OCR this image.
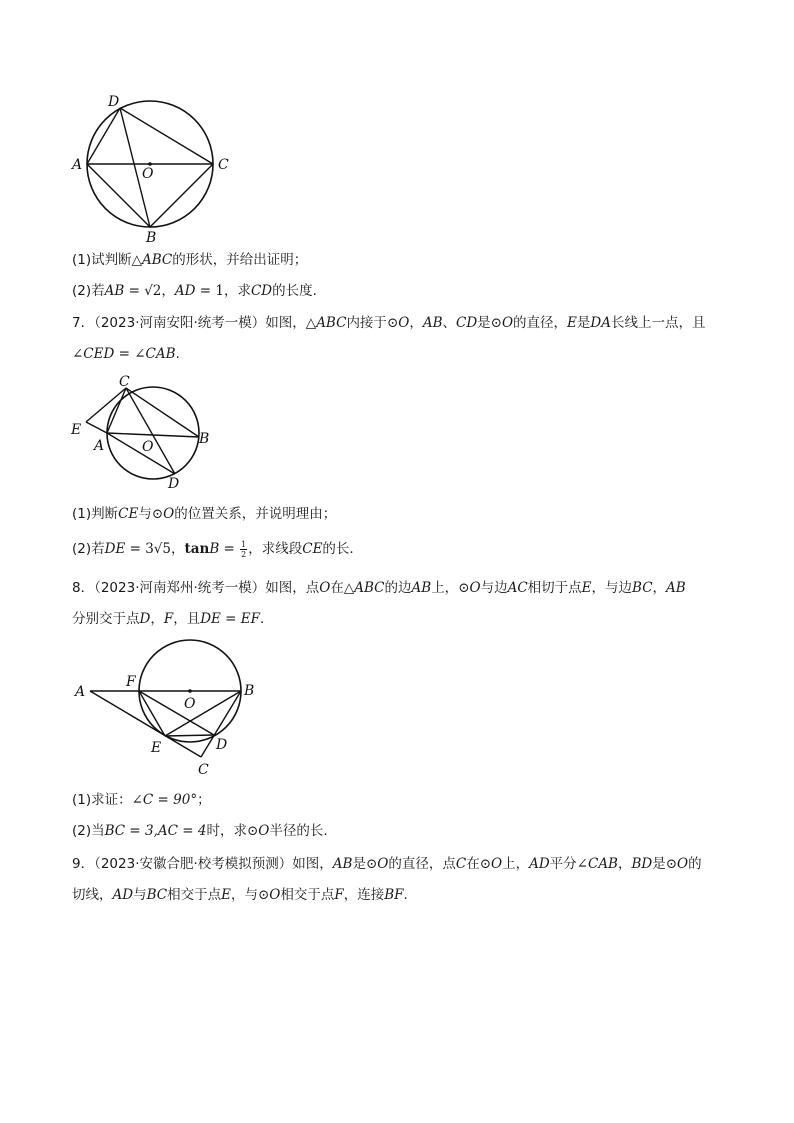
D
A	C
O
B
(1)试判断△ABC的形状，并给出证明；
(2)若AB = √2，AD = 1，求CD的长度.
7．（2023·河南安阳·统考一模）如图，△ABC内接于⊙O，AB、CD是⊙O的直径，E是DA长线上一点，且
∠CED = ∠CAB.
C
E
A	O	B
D
(1)判断CE与⊙O的位置关系，并说明理由；
(2)若DE = 3√5，$\tan B = \frac{1}{2}$ ，求线段CE的长.
8．（2023·河南郑州·统考一模）如图，点O在△ABC的边AB上，⊙O与边AC相切于点E，与边BC，AB
分别交于点D，F，且DE = EF.
A
F
O
B
E	D
C
(1)求证：∠C = 90°；
(2)当BC = 3,AC = 4时，求⊙O半径的长.
9．（2023·安徽合肥·校考模拟预测）如图，AB是⊙O的直径，点C在⊙O上，AD平分∠CAB，BD是⊙O的
切线，AD与BC相交于点E，与⊙O相交于点F，连接BF.
